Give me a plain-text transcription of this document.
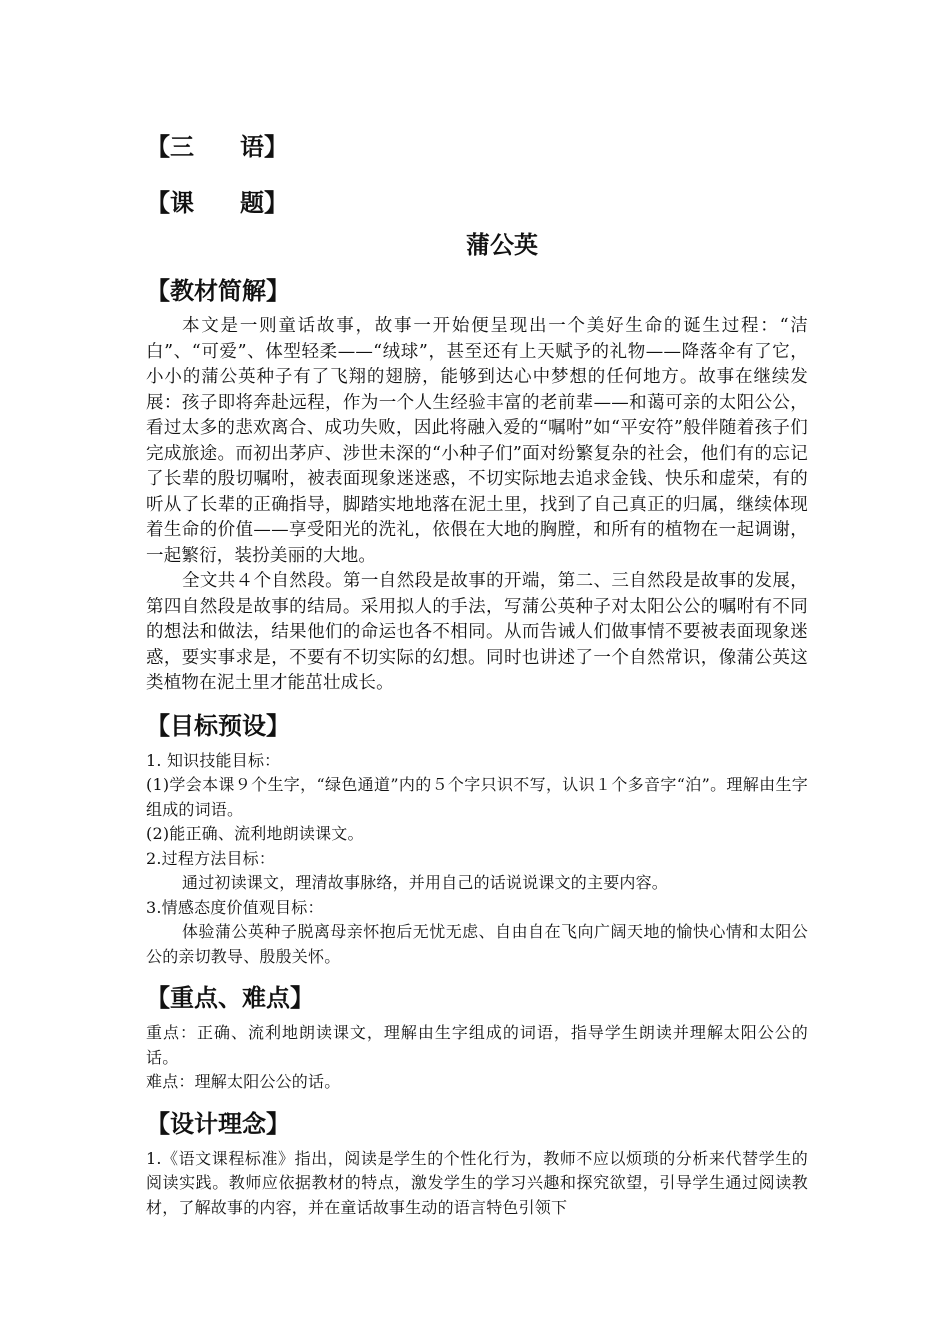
【三 语】
【课 题】
蒲公英
【教材简解】

本文是一则童话故事，故事一开始便呈现出一个美好生命的诞生过程：“洁白”、“可爱”、体型轻柔——“绒球”，甚至还有上天赋予的礼物——降落伞有了它，小小的蒲公英种子有了飞翔的翅膀，能够到达心中梦想的任何地方。故事在继续发展：孩子即将奔赴远程，作为一个人生经验丰富的老前辈——和蔼可亲的太阳公公，看过太多的悲欢离合、成功失败，因此将融入爱的“嘱咐”如“平安符”般伴随着孩子们完成旅途。而初出茅庐、涉世未深的“小种子们”面对纷繁复杂的社会，他们有的忘记了长辈的殷切嘱咐，被表面现象迷迷惑，不切实际地去追求金钱、快乐和虚荣，有的听从了长辈的正确指导，脚踏实地地落在泥土里，找到了自己真正的归属，继续体现着生命的价值——享受阳光的洗礼，依偎在大地的胸膛，和所有的植物在一起调谢，一起繁衍，装扮美丽的大地。

全文共４个自然段。第一自然段是故事的开端，第二、三自然段是故事的发展，第四自然段是故事的结局。采用拟人的手法，写蒲公英种子对太阳公公的嘱咐有不同的想法和做法，结果他们的命运也各不相同。从而告诫人们做事情不要被表面现象迷惑，要实事求是，不要有不切实际的幻想。同时也讲述了一个自然常识，像蒲公英这类植物在泥土里才能茁壮成长。

【目标预设】

1. 知识技能目标：

(1)学会本课９个生字，“绿色通道”内的５个字只识不写，认识１个多音字“泊”。理解由生字组成的词语。

(2)能正确、流利地朗读课文。

2.过程方法目标：

通过初读课文，理清故事脉络，并用自己的话说说课文的主要内容。

3.情感态度价值观目标：

体验蒲公英种子脱离母亲怀抱后无忧无虑、自由自在飞向广阔天地的愉快心情和太阳公公的亲切教导、殷殷关怀。

【重点、难点】

重点：正确、流利地朗读课文，理解由生字组成的词语，指导学生朗读并理解太阳公公的话。

难点：理解太阳公公的话。

【设计理念】

1.《语文课程标准》指出，阅读是学生的个性化行为，教师不应以烦琐的分析来代替学生的阅读实践。教师应依据教材的特点，激发学生的学习兴趣和探究欲望，引导学生通过阅读教材，了解故事的内容，并在童话故事生动的语言特色引领下
